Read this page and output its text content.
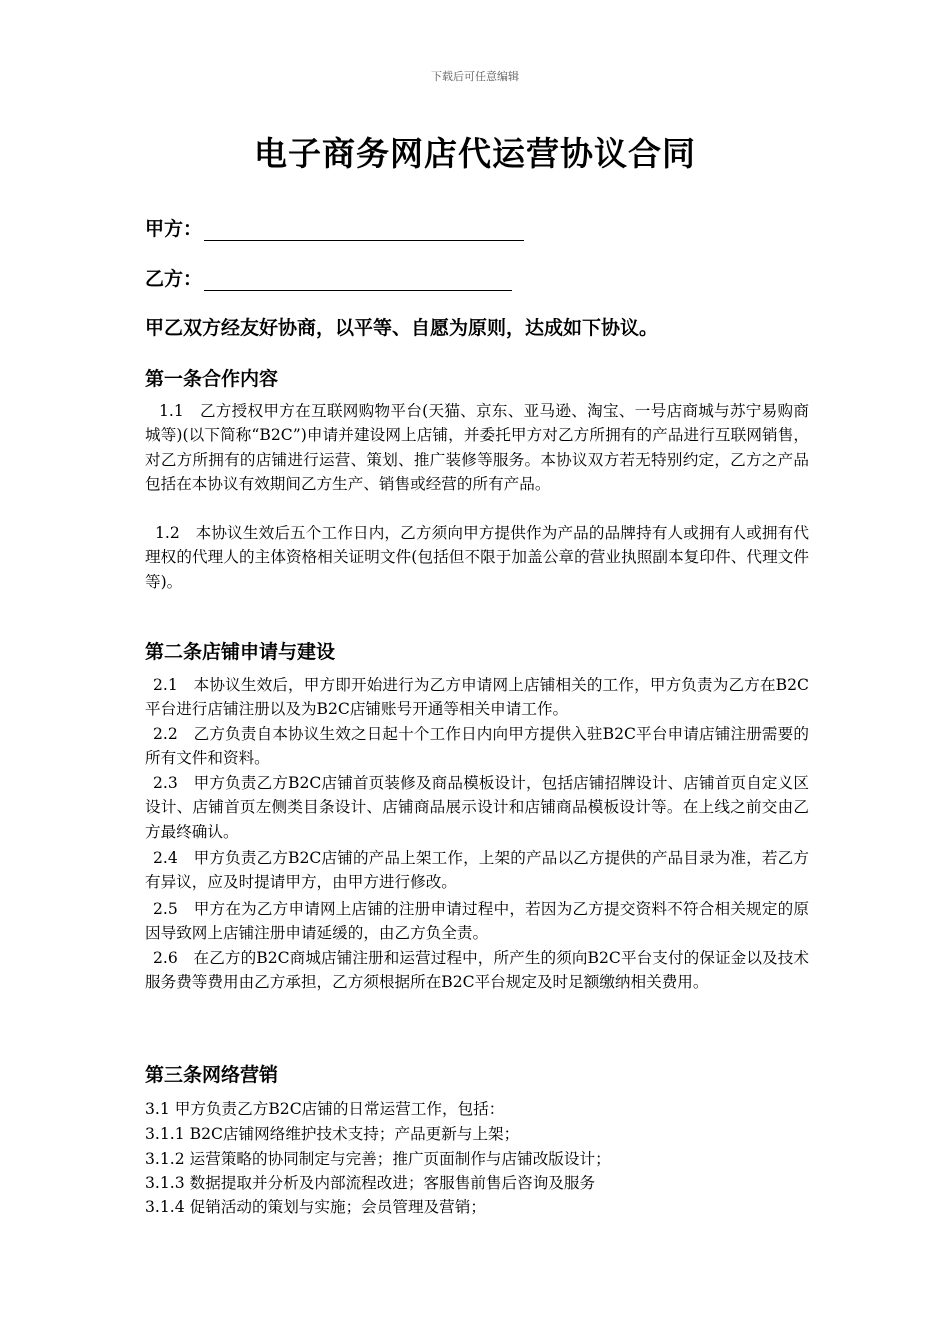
下载后可任意编辑
电子商务网店代运营协议合同
甲方：
乙方：
甲乙双方经友好协商，以平等、自愿为原则，达成如下协议。
第一条合作内容
1.1　乙方授权甲方在互联网购物平台(天猫、京东、亚马逊、淘宝、一号店商城与苏宁易购商城等)(以下简称“B2C”)申请并建设网上店铺，并委托甲方对乙方所拥有的产品进行互联网销售，对乙方所拥有的店铺进行运营、策划、推广装修等服务。本协议双方若无特别约定，乙方之产品包括在本协议有效期间乙方生产、销售或经营的所有产品。
1.2　本协议生效后五个工作日内，乙方须向甲方提供作为产品的品牌持有人或拥有人或拥有代理权的代理人的主体资格相关证明文件(包括但不限于加盖公章的营业执照副本复印件、代理文件等)。
第二条店铺申请与建设
2.1　本协议生效后，甲方即开始进行为乙方申请网上店铺相关的工作，甲方负责为乙方在B2C平台进行店铺注册以及为B2C店铺账号开通等相关申请工作。
2.2　乙方负责自本协议生效之日起十个工作日内向甲方提供入驻B2C平台申请店铺注册需要的所有文件和资料。
2.3　甲方负责乙方B2C店铺首页装修及商品模板设计，包括店铺招牌设计、店铺首页自定义区设计、店铺首页左侧类目条设计、店铺商品展示设计和店铺商品模板设计等。在上线之前交由乙方最终确认。
2.4　甲方负责乙方B2C店铺的产品上架工作，上架的产品以乙方提供的产品目录为准，若乙方有异议，应及时提请甲方，由甲方进行修改。
2.5　甲方在为乙方申请网上店铺的注册申请过程中，若因为乙方提交资料不符合相关规定的原因导致网上店铺注册申请延缓的，由乙方负全责。
2.6　在乙方的B2C商城店铺注册和运营过程中，所产生的须向B2C平台支付的保证金以及技术服务费等费用由乙方承担，乙方须根据所在B2C平台规定及时足额缴纳相关费用。
第三条网络营销
3.1 甲方负责乙方B2C店铺的日常运营工作，包括：
3.1.1 B2C店铺网络维护技术支持；产品更新与上架；
3.1.2 运营策略的协同制定与完善；推广页面制作与店铺改版设计；
3.1.3 数据提取并分析及内部流程改进；客服售前售后咨询及服务
3.1.4 促销活动的策划与实施；会员管理及营销；
